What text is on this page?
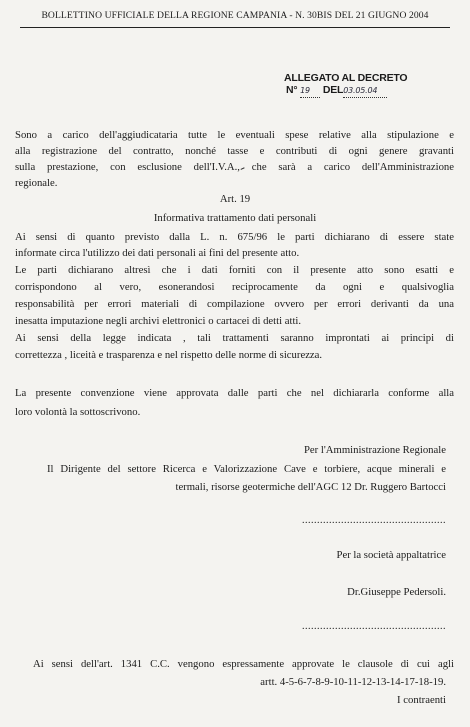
BOLLETTINO UFFICIALE DELLA REGIONE CAMPANIA - N. 30BIS DEL 21 GIUGNO 2004
ALLEGATO AL DECRETO
N° 19 DEL03.05.04
Sono a carico dell'aggiudicataria tutte le eventuali spese relative alla stipulazione e
alla registrazione del contratto, nonché tasse e contributi di ogni genere gravanti
sulla prestazione, con esclusione dell'I.V.A., che sarà a carico dell'Amministrazione
regionale.
Art. 19
Informativa trattamento dati personali
Ai sensi di quanto previsto dalla L. n. 675/96 le parti dichiarano di essere state
informate circa l'utilizzo dei dati personali ai fini del presente atto.
Le parti dichiarano altresì che i dati forniti con il presente atto sono esatti e
corrispondono al vero, esonerandosi reciprocamente da ogni e qualsivoglia
responsabilità per errori materiali di compilazione ovvero per errori derivanti da una
inesatta imputazione negli archivi elettronici o cartacei di detti atti.
Ai sensi della legge indicata , tali trattamenti saranno improntati ai principi di
correttezza , liceità e trasparenza e nel rispetto delle norme di sicurezza.
La presente convenzione viene approvata dalle parti che nel dichiararla conforme alla
loro volontà la sottoscrivono.
Per l'Amministrazione Regionale
Il Dirigente del settore Ricerca e Valorizzazione Cave e torbiere, acque minerali e
termali, risorse geotermiche dell'AGC 12 Dr. Ruggero Bartocci
................................................
Per la società appaltatrice
Dr.Giuseppe Pedersoli.
................................................
Ai sensi dell'art. 1341 C.C. vengono espressamente approvate le clausole di cui agli
artt. 4-5-6-7-8-9-10-11-12-13-14-17-18-19.
I contraenti
